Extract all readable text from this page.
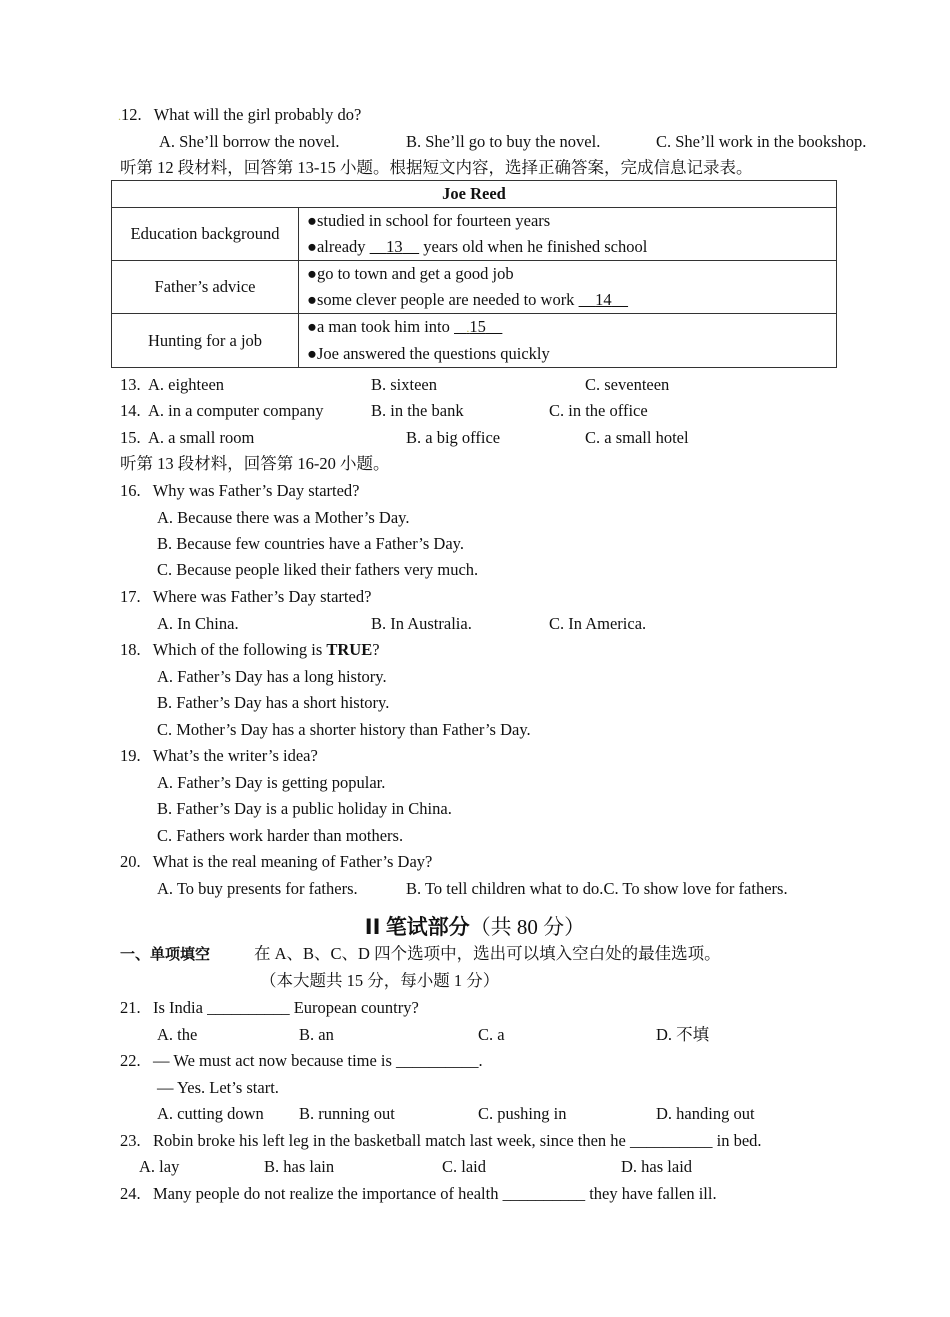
.12. What will the girl probably do?
A. She’ll borrow the novel.	B. She’ll go to buy the novel.	C. She’ll work in the bookshop.
听第 12 段材料，回答第 13-15 小题。根据短文内容，选择正确答案，完成信息记录表。
Joe Reed	
Education background	●studied in school for fourteen years
●already     13     years old when he finished school

Father’s advice	●go to town and get a good job
●some clever people are needed to work     14

Hunting for a job	●a man took him into    .15
●Joe answered the questions quickly
13. A. eighteen	B. sixteen	C. seventeen
14. A. in a computer company	B. in the bank	C. in the office
15. A. a small room	B. a big office	C. a small hotel
听第 13 段材料，回答第 16-20 小题。
16. Why was Father’s Day started?
A. Because there was a Mother’s Day.
B. Because few countries have a Father’s Day.
C. Because people liked their fathers very much.
17. Where was Father’s Day started?
A. In China.	B. In Australia.	C. In America.
18. Which of the following is TRUE?
A. Father’s Day has a long history.
B. Father’s Day has a short history.
C. Mother’s Day has a shorter history than Father’s Day.
19. What’s the writer’s idea?
A. Father’s Day is getting popular.
B. Father’s Day is a public holiday in China.
C. Fathers work harder than mothers.
20. What is the real meaning of Father’s Day?
A. To buy presents for fathers.	B. To tell children what to do.C. To show love for fathers.
II 笔试部分（共 80 分）
一、单项填空	在 A、B、C、D 四个选项中，选出可以填入空白处的最佳选项。
（本大题共 15 分，每小题 1 分）
21. Is India __________ European country?
A. the	B. an	C. a	D. 不填
22. — We must act now because time is __________.
— Yes. Let’s start.
A. cutting down B. running out	C. pushing in	D. handing out
23. Robin broke his left leg in the basketball match last week, since then he __________ in bed.
A. lay	B. has lain	C. laid	D. has laid
24. Many people do not realize the importance of health __________ they have fallen ill.
